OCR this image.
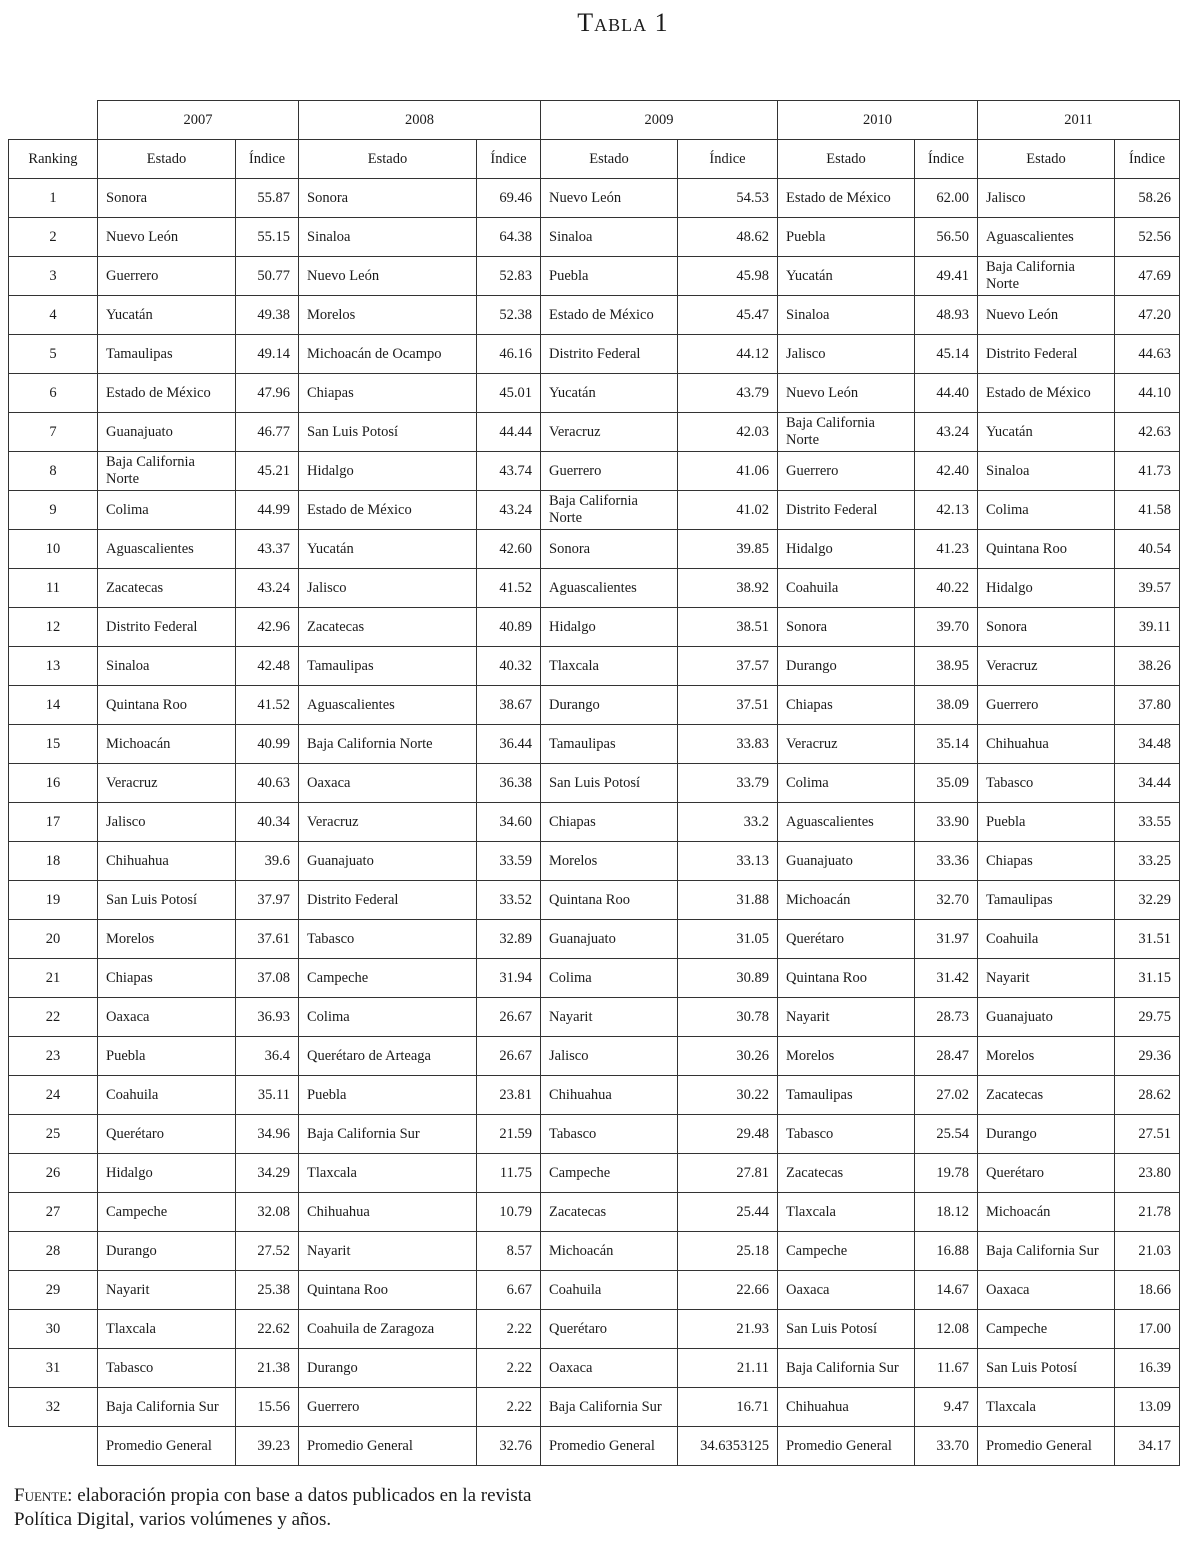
Tabla 1
	2007		2008		2009		2010		2011	
Ranking	Estado	Índice	Estado	Índice	Estado	Índice	Estado	Índice	Estado	Índice
1	Sonora	55.87	Sonora	69.46	Nuevo León	54.53	Estado de México	62.00	Jalisco	58.26
2	Nuevo León	55.15	Sinaloa	64.38	Sinaloa	48.62	Puebla	56.50	Aguascalientes	52.56
3	Guerrero	50.77	Nuevo León	52.83	Puebla	45.98	Yucatán	49.41	Baja California Norte	47.69
4	Yucatán	49.38	Morelos	52.38	Estado de México	45.47	Sinaloa	48.93	Nuevo León	47.20
5	Tamaulipas	49.14	Michoacán de Ocampo	46.16	Distrito Federal	44.12	Jalisco	45.14	Distrito Federal	44.63
6	Estado de México	47.96	Chiapas	45.01	Yucatán	43.79	Nuevo León	44.40	Estado de México	44.10
7	Guanajuato	46.77	San Luis Potosí	44.44	Veracruz	42.03	Baja California Norte	43.24	Yucatán	42.63
8	Baja California Norte	45.21	Hidalgo	43.74	Guerrero	41.06	Guerrero	42.40	Sinaloa	41.73
9	Colima	44.99	Estado de México	43.24	Baja California Norte	41.02	Distrito Federal	42.13	Colima	41.58
10	Aguascalientes	43.37	Yucatán	42.60	Sonora	39.85	Hidalgo	41.23	Quintana Roo	40.54
11	Zacatecas	43.24	Jalisco	41.52	Aguascalientes	38.92	Coahuila	40.22	Hidalgo	39.57
12	Distrito Federal	42.96	Zacatecas	40.89	Hidalgo	38.51	Sonora	39.70	Sonora	39.11
13	Sinaloa	42.48	Tamaulipas	40.32	Tlaxcala	37.57	Durango	38.95	Veracruz	38.26
14	Quintana Roo	41.52	Aguascalientes	38.67	Durango	37.51	Chiapas	38.09	Guerrero	37.80
15	Michoacán	40.99	Baja California Norte	36.44	Tamaulipas	33.83	Veracruz	35.14	Chihuahua	34.48
16	Veracruz	40.63	Oaxaca	36.38	San Luis Potosí	33.79	Colima	35.09	Tabasco	34.44
17	Jalisco	40.34	Veracruz	34.60	Chiapas	33.2	Aguascalientes	33.90	Puebla	33.55
18	Chihuahua	39.6	Guanajuato	33.59	Morelos	33.13	Guanajuato	33.36	Chiapas	33.25
19	San Luis Potosí	37.97	Distrito Federal	33.52	Quintana Roo	31.88	Michoacán	32.70	Tamaulipas	32.29
20	Morelos	37.61	Tabasco	32.89	Guanajuato	31.05	Querétaro	31.97	Coahuila	31.51
21	Chiapas	37.08	Campeche	31.94	Colima	30.89	Quintana Roo	31.42	Nayarit	31.15
22	Oaxaca	36.93	Colima	26.67	Nayarit	30.78	Nayarit	28.73	Guanajuato	29.75
23	Puebla	36.4	Querétaro de Arteaga	26.67	Jalisco	30.26	Morelos	28.47	Morelos	29.36
24	Coahuila	35.11	Puebla	23.81	Chihuahua	30.22	Tamaulipas	27.02	Zacatecas	28.62
25	Querétaro	34.96	Baja California Sur	21.59	Tabasco	29.48	Tabasco	25.54	Durango	27.51
26	Hidalgo	34.29	Tlaxcala	11.75	Campeche	27.81	Zacatecas	19.78	Querétaro	23.80
27	Campeche	32.08	Chihuahua	10.79	Zacatecas	25.44	Tlaxcala	18.12	Michoacán	21.78
28	Durango	27.52	Nayarit	8.57	Michoacán	25.18	Campeche	16.88	Baja California Sur	21.03
29	Nayarit	25.38	Quintana Roo	6.67	Coahuila	22.66	Oaxaca	14.67	Oaxaca	18.66
30	Tlaxcala	22.62	Coahuila de Zaragoza	2.22	Querétaro	21.93	San Luis Potosí	12.08	Campeche	17.00
31	Tabasco	21.38	Durango	2.22	Oaxaca	21.11	Baja California Sur	11.67	San Luis Potosí	16.39
32	Baja California Sur	15.56	Guerrero	2.22	Baja California Sur	16.71	Chihuahua	9.47	Tlaxcala	13.09
	Promedio General	39.23	Promedio General	32.76	Promedio General	34.6353125	Promedio General	33.70	Promedio General	34.17
Fuente: elaboración propia con base a datos publicados en la revista Política Digital, varios volúmenes y años.
